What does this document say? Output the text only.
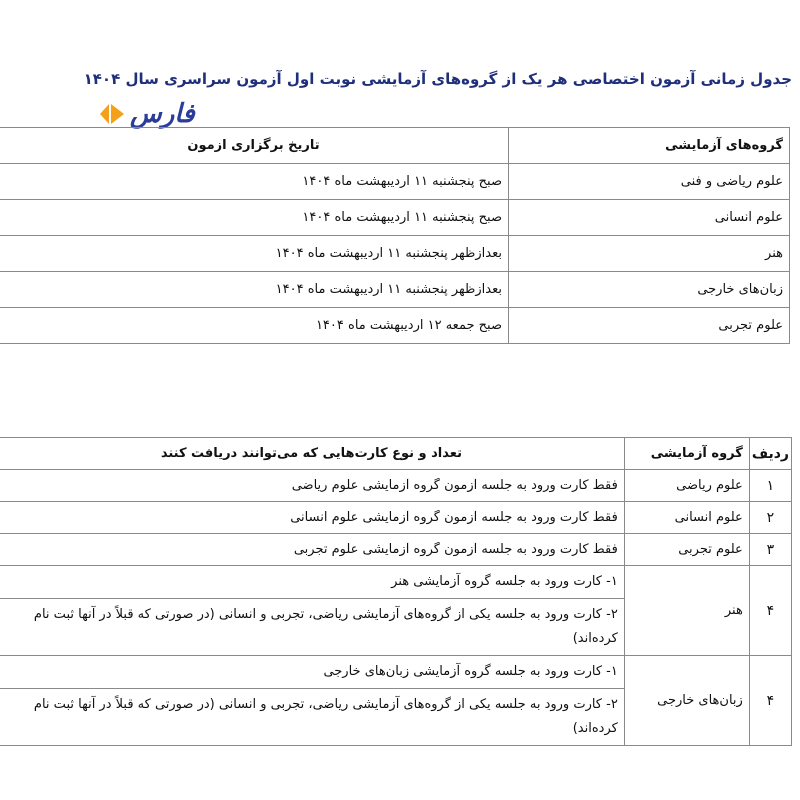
جدول زمانی آزمون اختصاصی هر یک از گروه‌های آزمایشی نوبت اول آزمون سراسری سال ۱۴۰۴
فارس
گروه‌های آزمایشی	تاریخ برگزاری ازمون
علوم ریاضی و فنی	صبح پنجشنبه ۱۱ اردیبهشت ماه ۱۴۰۴
علوم انسانی	صبح پنجشنبه ۱۱ اردیبهشت ماه ۱۴۰۴
هنر	بعدازظهر پنجشنبه ۱۱ اردیبهشت ماه ۱۴۰۴
زبان‌های خارجی	بعدازظهر پنجشنبه ۱۱ اردیبهشت ماه ۱۴۰۴
علوم تجربی	صبح جمعه ۱۲ اردیبهشت ماه ۱۴۰۴
ردیف	گروه آزمایشی	تعداد و نوع کارت‌هایی که می‌توانند دریافت کنند
۱	علوم ریاضی	فقط کارت ورود به جلسه آزمون گروه آزمایشی علوم ریاضی

۲	علوم انسانی	فقط کارت ورود به جلسه آزمون گروه آزمایشی علوم انسانی

۳	علوم تجربی	فقط کارت ورود به جلسه آزمون گروه آزمایشی علوم تجربی

۴	هنر	۱- کارت ورود به جلسه گروه آزمایشی هنر
۲- کارت ورود به جلسه یکی از گروه‌های آزمایشی ریاضی، تجربی و انسانی (در صورتی که قبلاً در آنها ثبت نام کرده‌اند)

۴	زبان‌های خارجی	۱- کارت ورود به جلسه گروه آزمایشی زبان‌های خارجی
۲- کارت ورود به جلسه یکی از گروه‌های آزمایشی ریاضی، تجربی و انسانی (در صورتی که قبلاً در آنها ثبت نام کرده‌اند)
